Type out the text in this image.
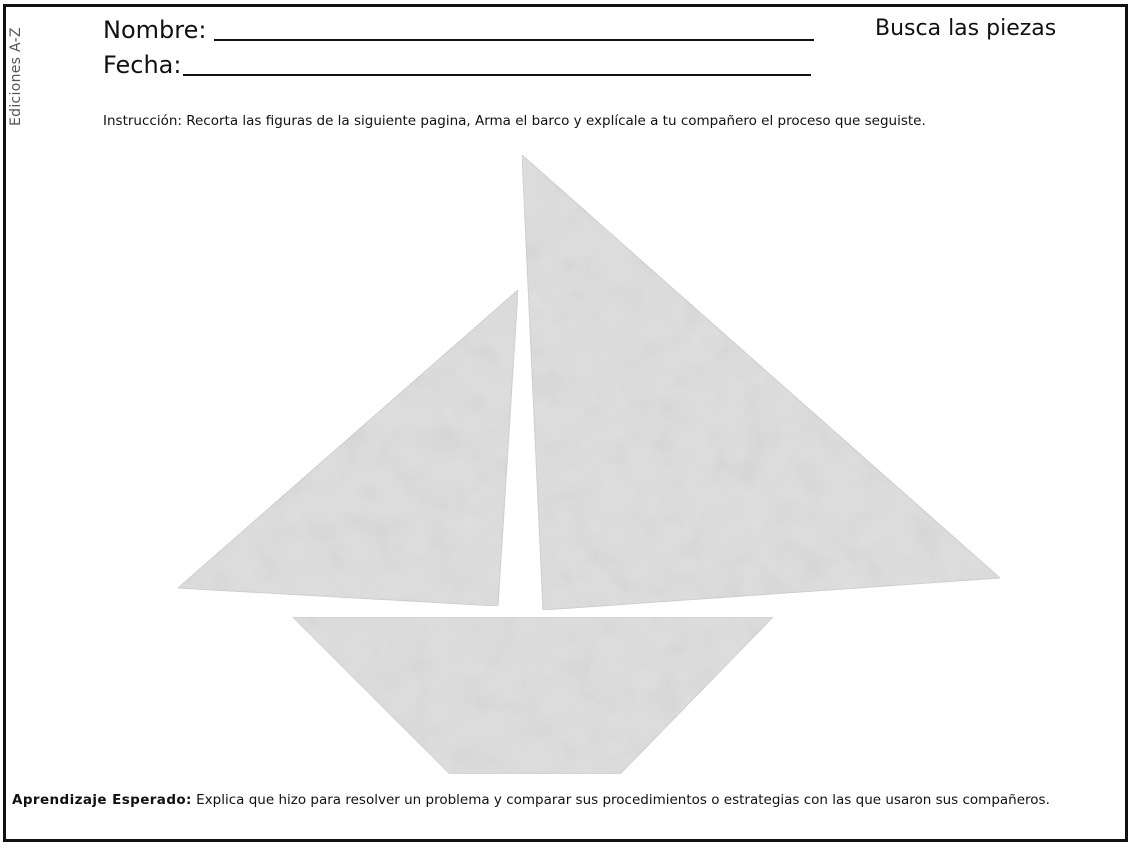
Ediciones A-Z	Nombre:
Fecha:
Busca las piezas
Instrucción: Recorta las figuras de la siguiente pagina, Arma el barco y explícale a tu compañero el proceso que seguiste.
Aprendizaje Esperado: Explica que hizo para resolver un problema y comparar sus procedimientos o estrategias con las que usaron sus compañeros.
